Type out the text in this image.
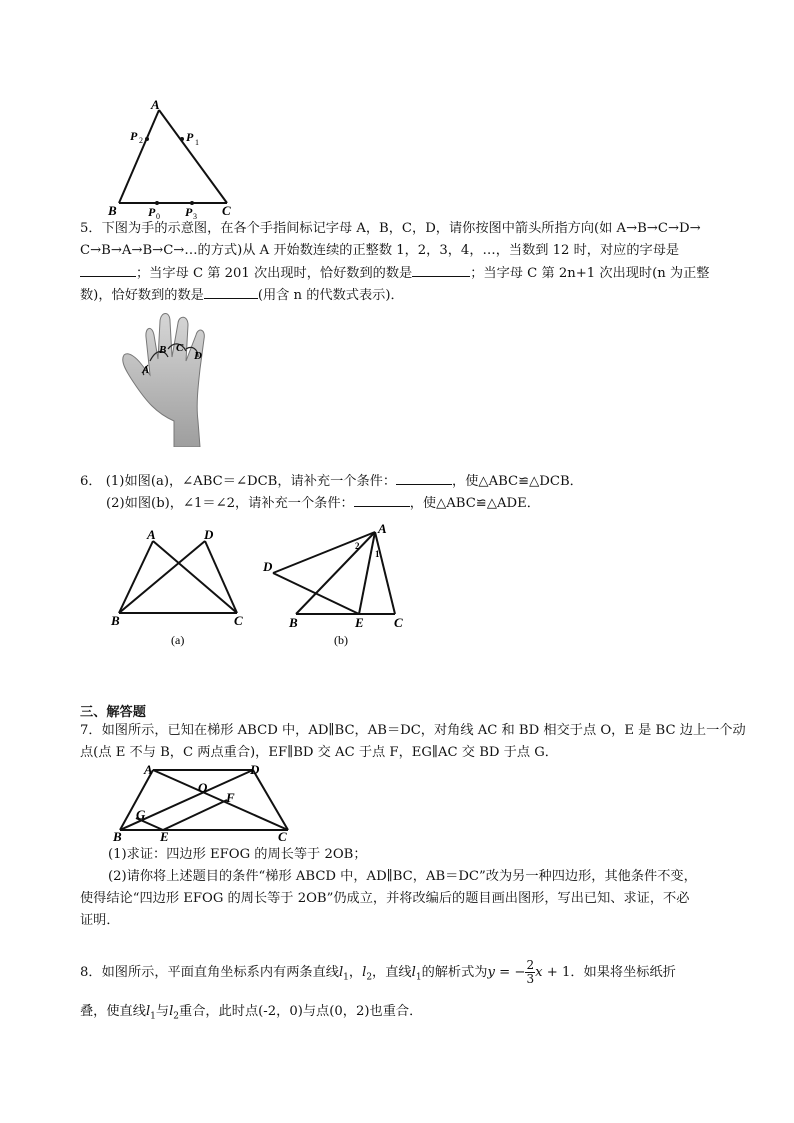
A
B	C
P 2	P 1
P 0 P 3
5．下图为手的示意图，在各个手指间标记字母 A，B，C，D，请你按图中箭头所指方向(如 A→B→C→D→
C→B→A→B→C→…的方式)从 A 开始数连续的正整数 1，2，3，4，…，当数到 12 时，对应的字母是
；当字母 C 第 201 次出现时，恰好数到的数是	；当字母 C 第 2n+1 次出现时(n 为正整
数)，恰好数到的数是	(用含 n 的代数式表示)．
A
B C
D
6． (1)如图(a)，∠ABC＝∠DCB，请补充一个条件：	，使△ABC≌△DCB．
(2)如图(b)，∠1＝∠2，请补充一个条件：	，使△ABC≌△ADE．
A	D
B	C
(a)
A
D
B	E C
2
1
(b)
三、解答题
7．如图所示，已知在梯形 ABCD 中，AD∥BC，AB＝DC，对角线 AC 和 BD 相交于点 O，E 是 BC 边上一个动
点(点 E 不与 B，C 两点重合)，EF∥BD 交 AC 于点 F，EG∥AC 交 BD 于点 G．
A	D
O
F
G
B	E	C
(1)求证：四边形 EFOG 的周长等于 2OB；
(2)请你将上述题目的条件“梯形 ABCD 中，AD∥BC，AB＝DC”改为另一种四边形，其他条件不变，
使得结论“四边形 EFOG 的周长等于 2OB”仍成立，并将改编后的题目画出图形，写出已知、求证，不必
证明．
8．如图所示，平面直角坐标系内有两条直线$l_1$，$l_2$，直线$l_1$的解析式为y = − $\frac{2}{3}$ x + 1．如果将坐标纸折
叠，使直线$l_1$与$l_2$重合，此时点(-2，0)与点(0，2)也重合．
